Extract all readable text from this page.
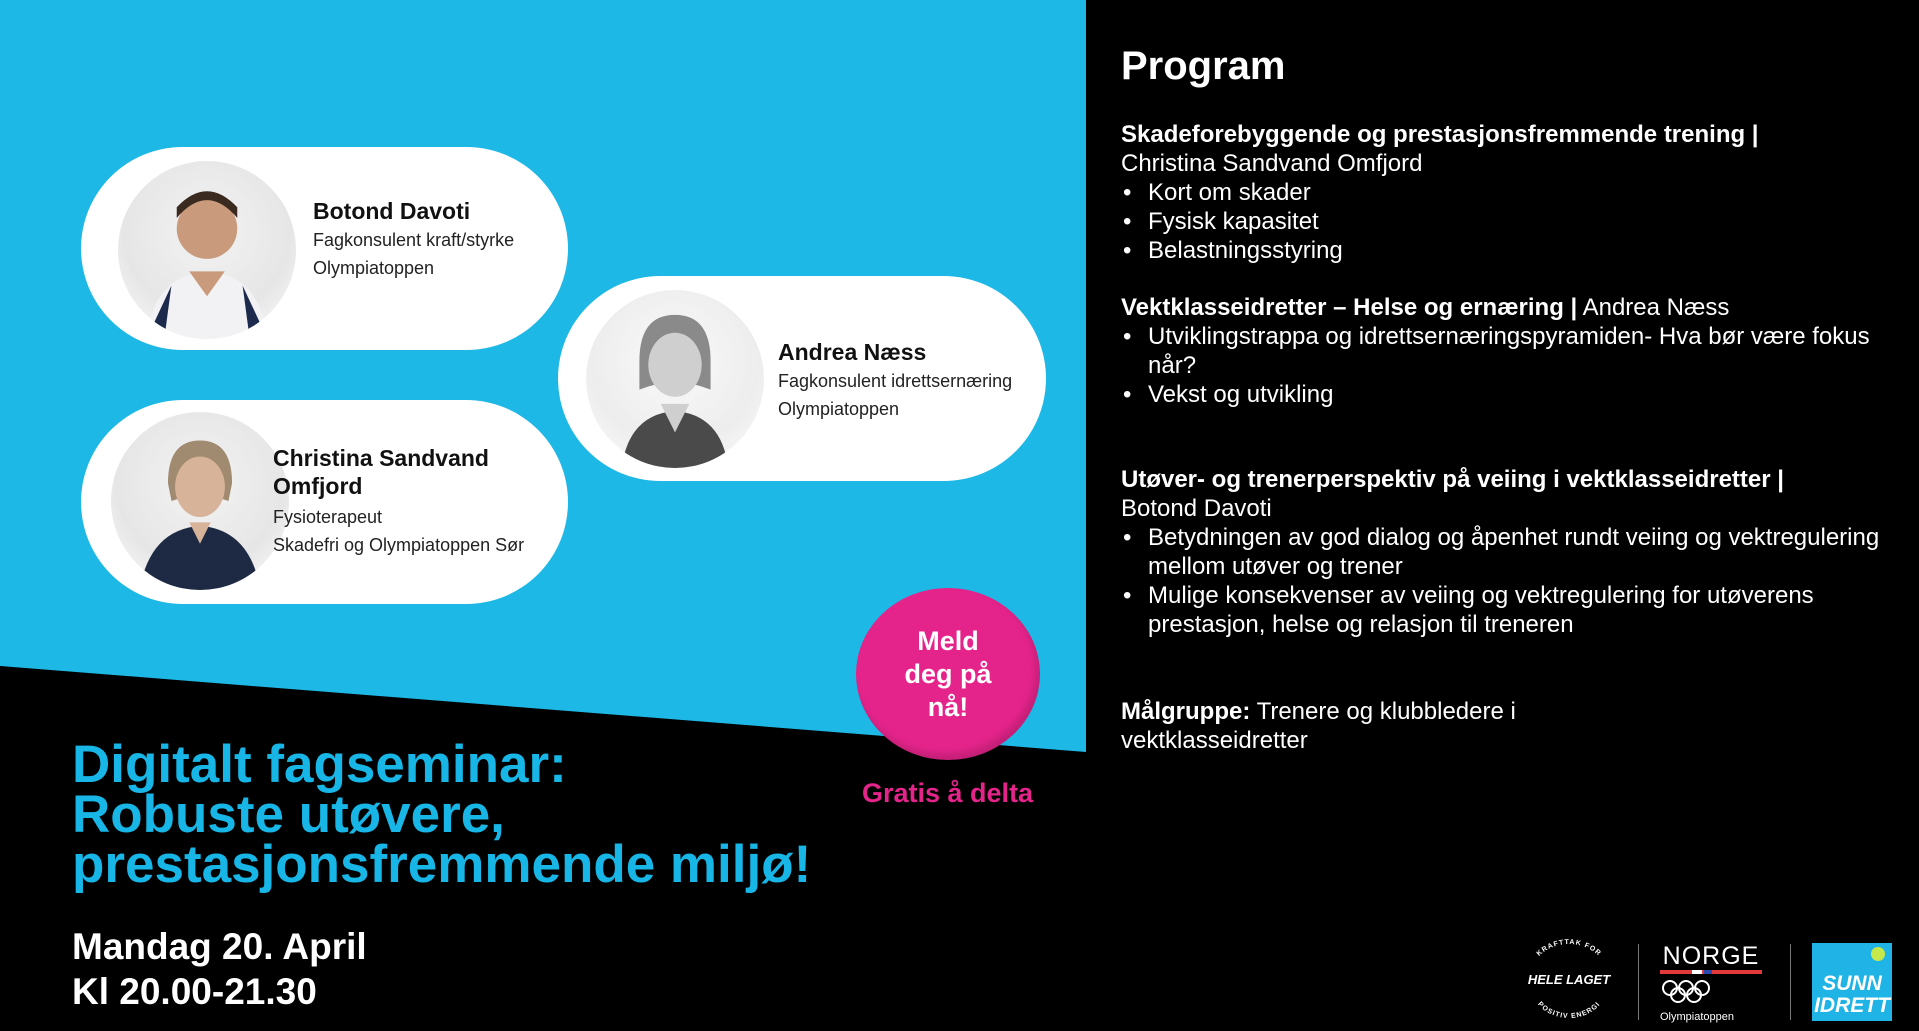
Botond Davoti
Fagkonsulent kraft/styrke
Olympiatoppen
Andrea Næss
Fagkonsulent idrettsernæring
Olympiatoppen
Christina Sandvand
Omfjord
Fysioterapeut
Skadefri og Olympiatoppen Sør
Meld
deg på
nå!
Gratis å delta
Digitalt fagseminar:
Robuste utøvere,
prestasjonsfremmende miljø!
Mandag 20. April
Kl 20.00-21.30
Program
Skadeforebyggende og prestasjonsfremmende trening |
Christina Sandvand Omfjord
• Kort om skader
• Fysisk kapasitet
• Belastningsstyring
Vektklasseidretter – Helse og ernæring | Andrea Næss
• Utviklingstrappa og idrettsernæringspyramiden- Hva bør være fokus når?
• Vekst og utvikling
Utøver- og trenerperspektiv på veiing i vektklasseidretter |
Botond Davoti
• Betydningen av god dialog og åpenhet rundt veiing og vektregulering mellom utøver og trener
• Mulige konsekvenser av veiing og vektregulering for utøverens prestasjon, helse og relasjon til treneren
Målgruppe: Trenere og klubbledere i vektklasseidretter
KRAFTTAK FOR
HELE LAGET
POSITIV ENERGI
NORGE
Olympiatoppen
SUNN
IDRETT
